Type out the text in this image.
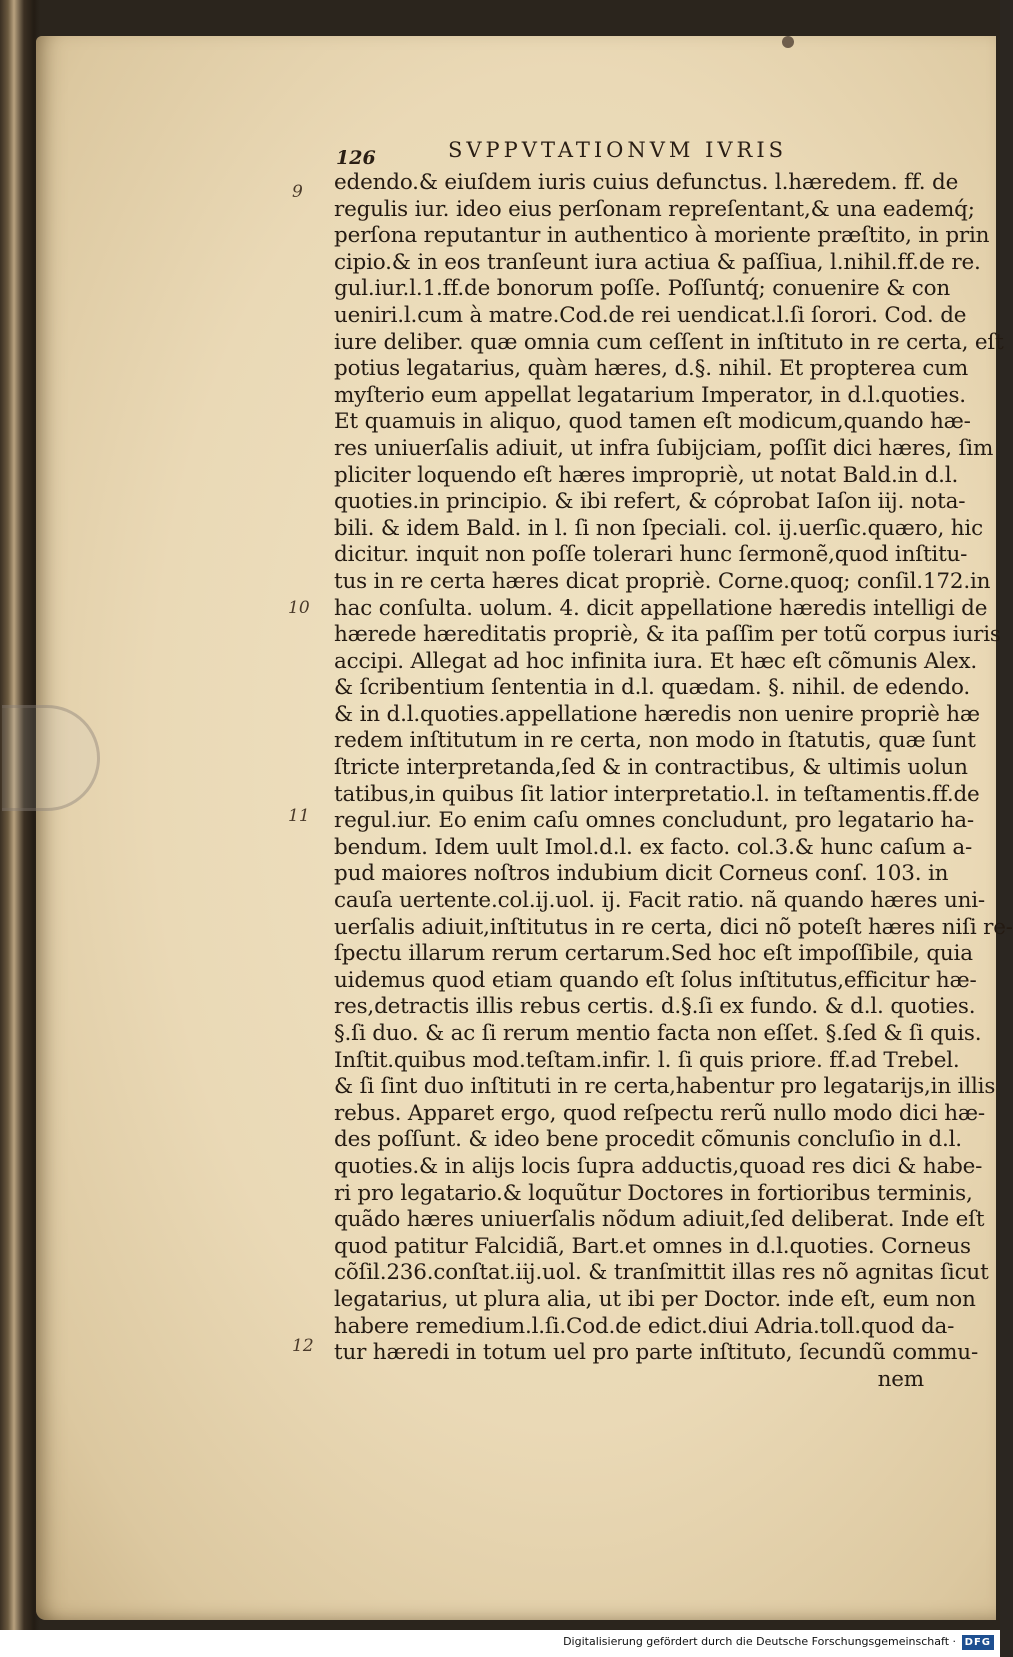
126	SVPPVTATIONVM IVRIS
9
10
11
12
edendo.& eiuſdem iuris cuius defunctus. l.hæredem. ff. de
regulis iur. ideo eius perſonam repreſentant,& una eademq́;
perſona reputantur in authentico à moriente præſtito, in prin
cipio.& in eos tranſeunt iura actiua & paſſiua, l.nihil.ff.de re.
gul.iur.l.1.ff.de bonorum poſſe. Poſſuntq́; conuenire & con
ueniri.l.cum à matre.Cod.de rei uendicat.l.ſi ſorori. Cod. de
iure deliber. quæ omnia cum ceſſent in inſtituto in re certa, eſt
potius legatarius, quàm hæres, d.§. nihil. Et propterea cum
myſterio eum appellat legatarium Imperator, in d.l.quoties.
Et quamuis in aliquo, quod tamen eſt modicum,quando hæ-
res uniuerſalis adiuit, ut infra ſubijciam, poſſit dici hæres, ſim
pliciter loquendo eſt hæres impropriè, ut notat Bald.in d.l.
quoties.in principio. & ibi refert, & cóprobat Iaſon iij. nota-
bili. & idem Bald. in l. ſi non ſpeciali. col. ij.uerſic.quæro, hic
dicitur. inquit non poſſe tolerari hunc ſermonẽ,quod inſtitu-
tus in re certa hæres dicat propriè. Corne.quoq; conſil.172.in
hac conſulta. uolum. 4. dicit appellatione hæredis intelligi de
hærede hæreditatis propriè, & ita paſſim per totũ corpus iuris
accipi. Allegat ad hoc infinita iura. Et hæc eſt cõmunis Alex.
& ſcribentium ſententia in d.l. quædam. §. nihil. de edendo.
& in d.l.quoties.appellatione hæredis non uenire propriè hæ
redem inſtitutum in re certa, non modo in ſtatutis, quæ ſunt
ſtricte interpretanda,ſed & in contractibus, & ultimis uolun
tatibus,in quibus ſit latior interpretatio.l. in teſtamentis.ff.de
regul.iur. Eo enim caſu omnes concludunt, pro legatario ha-
bendum. Idem uult Imol.d.l. ex facto. col.3.& hunc caſum a-
pud maiores noſtros indubium dicit Corneus conſ. 103. in
cauſa uertente.col.ij.uol. ij. Facit ratio. nã quando hæres uni-
uerſalis adiuit,inſtitutus in re certa, dici nõ poteſt hæres niſi re-
ſpectu illarum rerum certarum.Sed hoc eſt impoſſibile, quia
uidemus quod etiam quando eſt ſolus inſtitutus,efficitur hæ-
res,detractis illis rebus certis. d.§.ſi ex fundo. & d.l. quoties.
§.ſi duo. & ac ſi rerum mentio facta non eſſet. §.ſed & ſi quis.
Inſtit.quibus mod.teſtam.infir. l. ſi quis priore. ff.ad Trebel.
& ſi ſint duo inſtituti in re certa,habentur pro legatarijs,in illis
rebus. Apparet ergo, quod reſpectu rerũ nullo modo dici hæ-
des poſſunt. & ideo bene procedit cõmunis concluſio in d.l.
quoties.& in alijs locis ſupra adductis,quoad res dici & habe-
ri pro legatario.& loquũtur Doctores in fortioribus terminis,
quãdo hæres uniuerſalis nõdum adiuit,ſed deliberat. Inde eſt
quod patitur Falcidiã, Bart.et omnes in d.l.quoties. Corneus
cõſil.236.conſtat.iij.uol. & tranſmittit illas res nõ agnitas ſicut
legatarius, ut plura alia, ut ibi per Doctor. inde eſt, eum non
habere remedium.l.ſi.Cod.de edict.diui Adria.toll.quod da-
tur hæredi in totum uel pro parte inſtituto, ſecundũ commu-
nem
Digitalisierung gefördert durch die Deutsche Forschungsgemeinschaft · DFG
